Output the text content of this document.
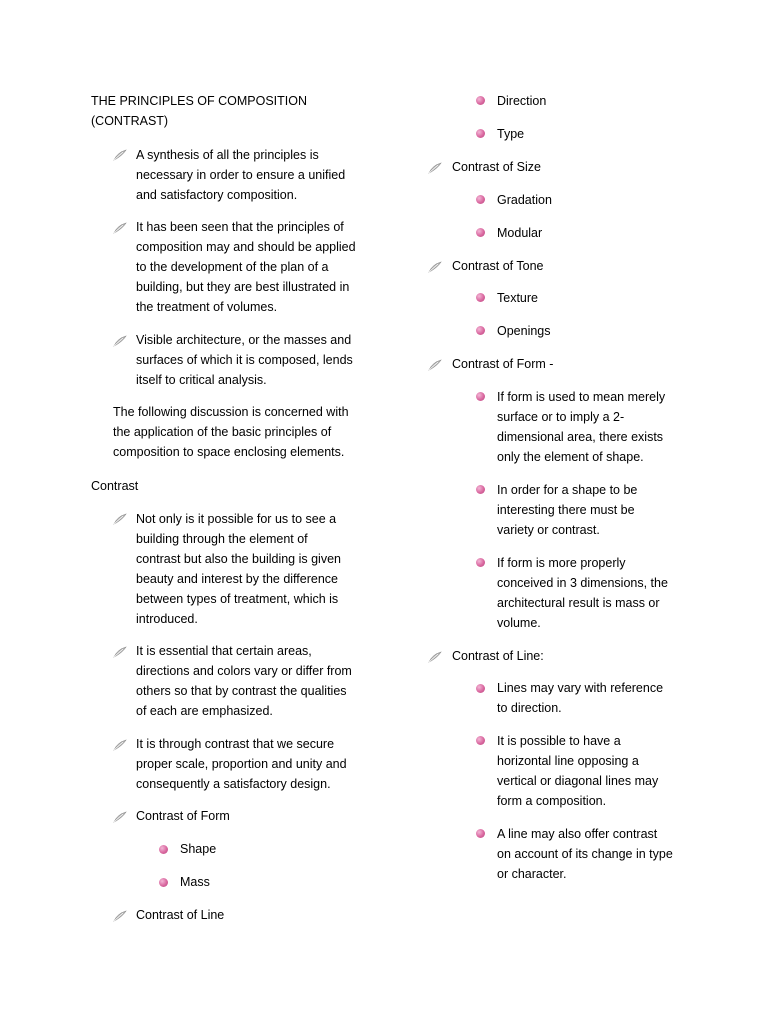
THE PRINCIPLES OF COMPOSITION
(CONTRAST)
A synthesis of all the principles is
necessary in order to ensure a unified
and satisfactory composition.
It has been seen that the principles of
composition may and should be applied
to the development of the plan of a
building, but they are best illustrated in
the treatment of volumes.
Visible architecture, or the masses and
surfaces of which it is composed, lends
itself to critical analysis.
The following discussion is concerned with
the application of the basic principles of
composition to space enclosing elements.
Contrast
Not only is it possible for us to see a
building through the element of
contrast but also the building is given
beauty and interest by the difference
between types of treatment, which is
introduced.
It is essential that certain areas,
directions and colors vary or differ from
others so that by contrast the qualities
of each are emphasized.
It is through contrast that we secure
proper scale, proportion and unity and
consequently a satisfactory design.
Contrast of Form
Shape
Mass
Contrast of Line
Direction
Type
Contrast of Size
Gradation
Modular
Contrast of Tone
Texture
Openings
Contrast of Form -
If form is used to mean merely
surface or to imply a 2-
dimensional area, there exists
only the element of shape.
In order for a shape to be
interesting there must be
variety or contrast.
If form is more properly
conceived in 3 dimensions, the
architectural result is mass or
volume.
Contrast of Line:
Lines may vary with reference
to direction.
It is possible to have a
horizontal line opposing a
vertical or diagonal lines may
form a composition.
A line may also offer contrast
on account of its change in type
or character.
